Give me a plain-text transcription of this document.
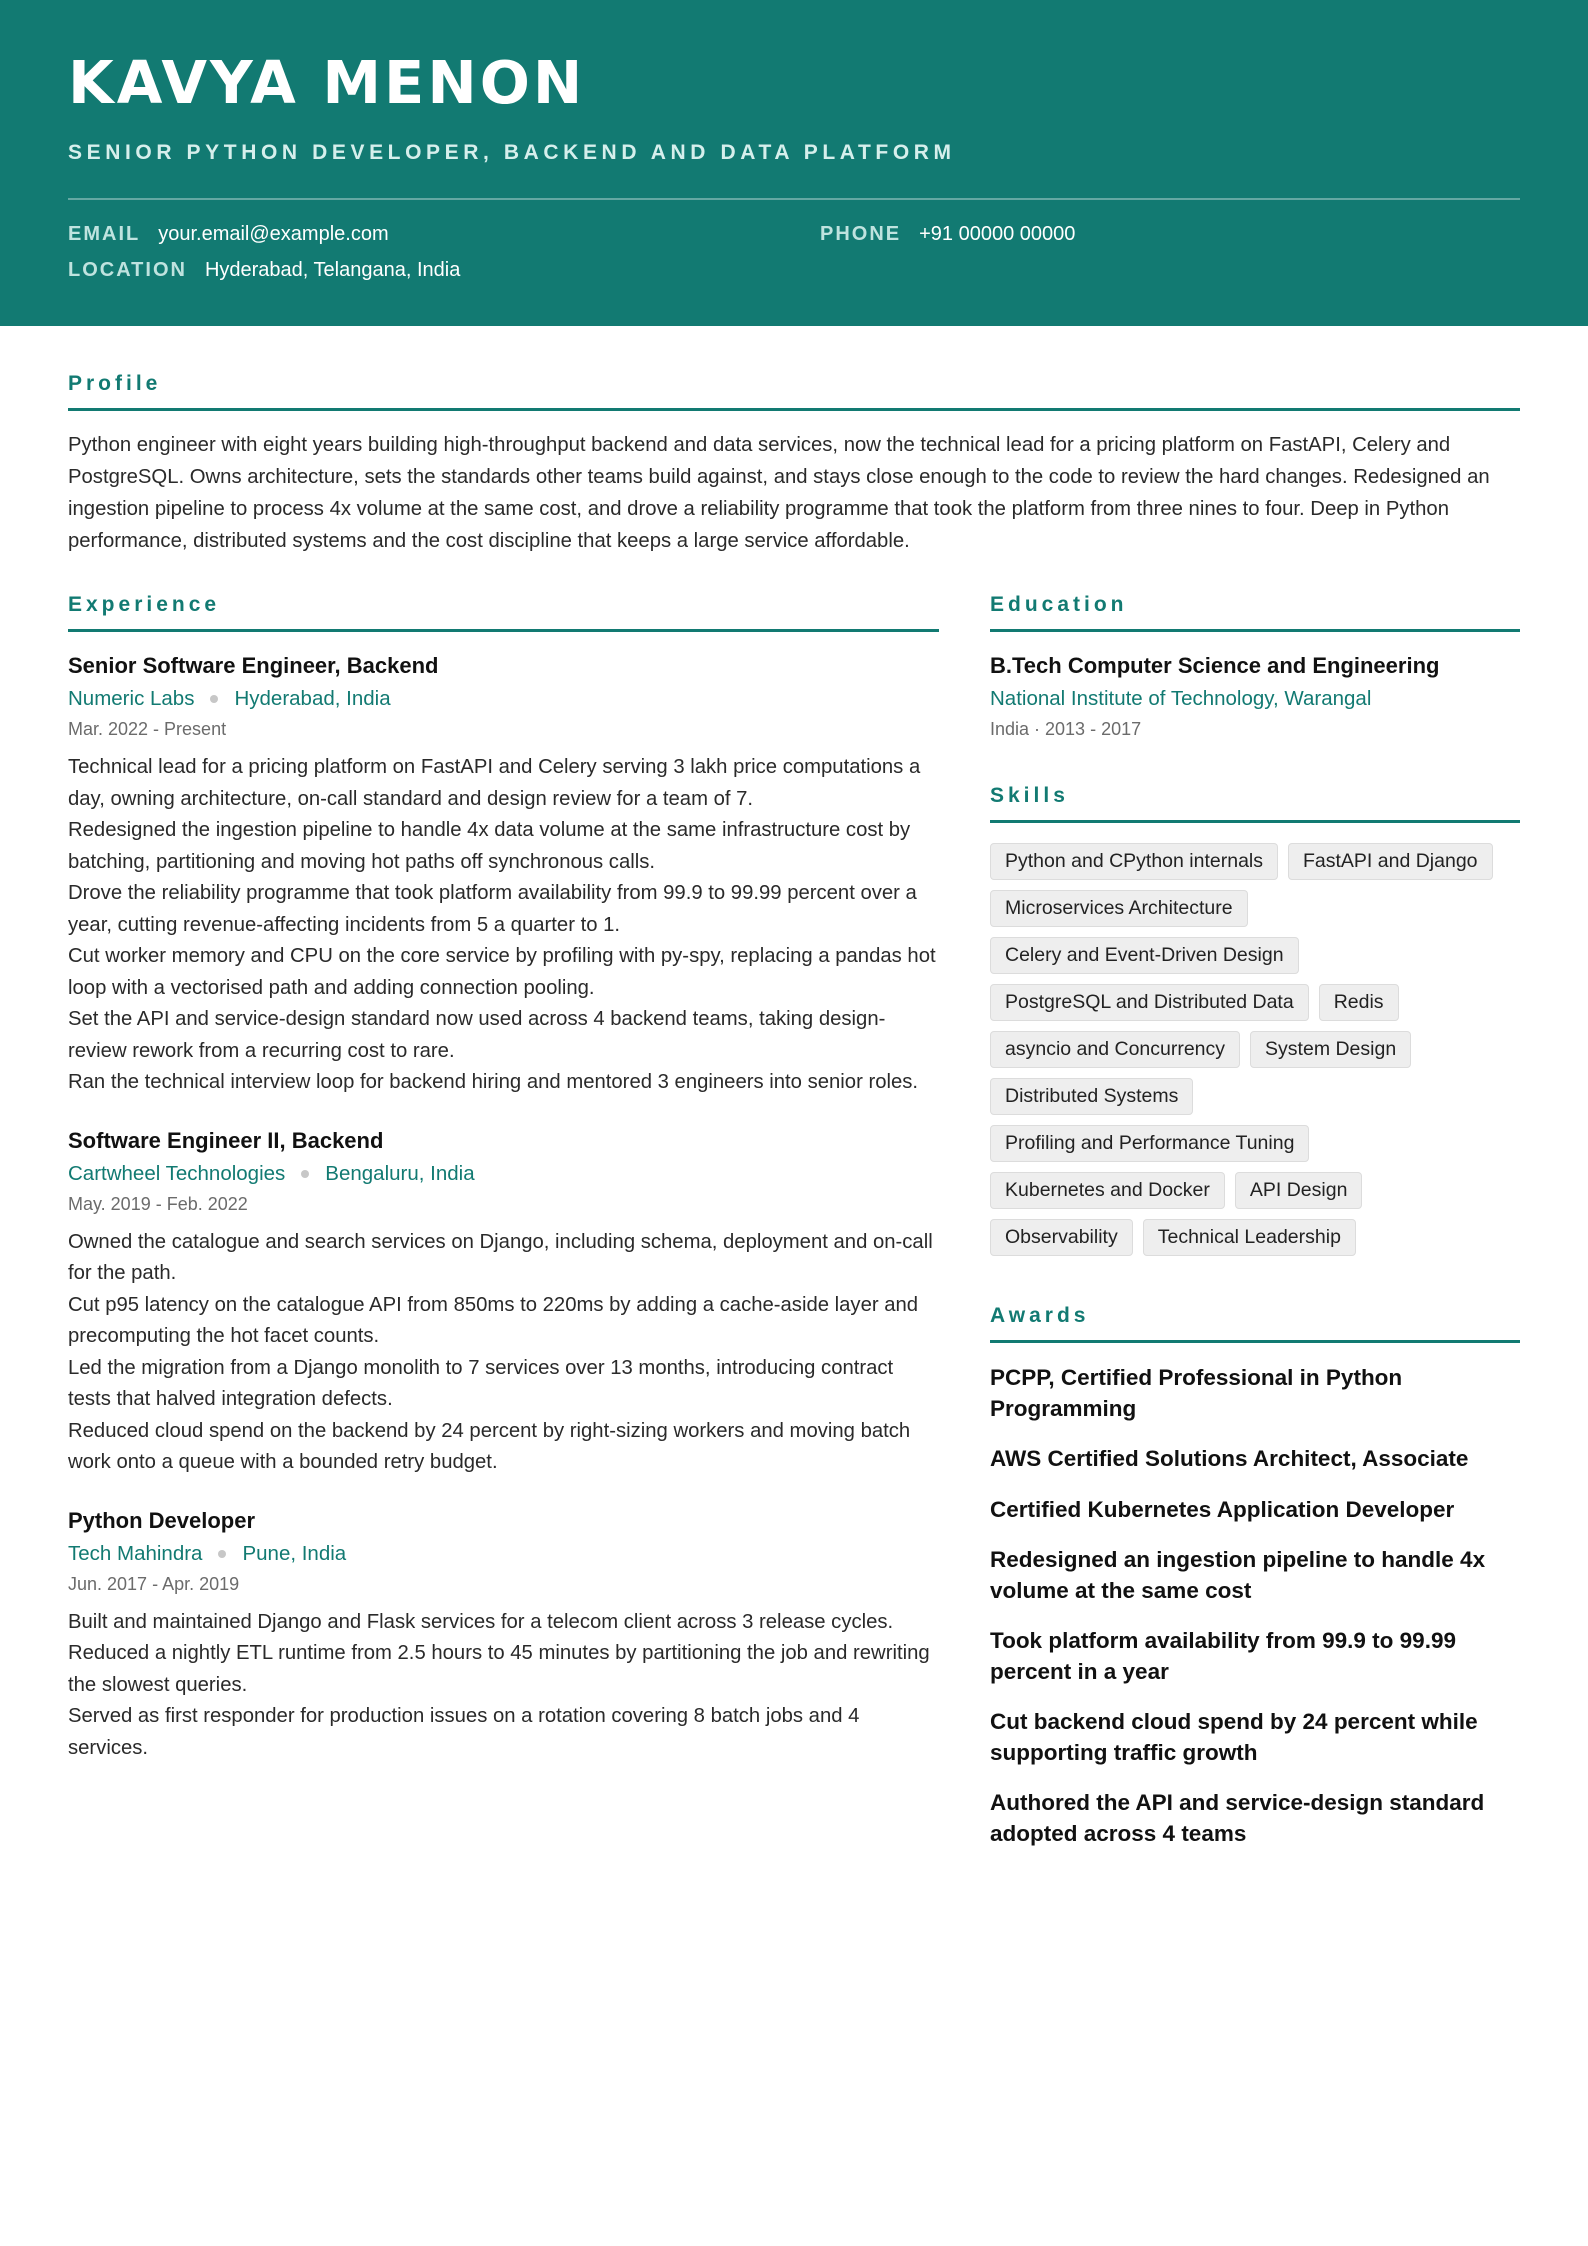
KAVYA MENON
SENIOR PYTHON DEVELOPER, BACKEND AND DATA PLATFORM
EMAIL your.email@example.com	PHONE +91 00000 00000
LOCATION Hyderabad, Telangana, India
Profile

Python engineer with eight years building high-throughput backend and data services, now the technical lead for a pricing platform on FastAPI, Celery and PostgreSQL. Owns architecture, sets the standards other teams build against, and stays close enough to the code to review the hard changes. Redesigned an ingestion pipeline to process 4x volume at the same cost, and drove a reliability programme that took the platform from three nines to four. Deep in Python performance, distributed systems and the cost discipline that keeps a large service affordable.

Experience
Senior Software Engineer, Backend
Numeric Labs Hyderabad, India
Mar. 2022 - Present
Technical lead for a pricing platform on FastAPI and Celery serving 3 lakh price computations a day, owning architecture, on-call standard and design review for a team of 7.
Redesigned the ingestion pipeline to handle 4x data volume at the same infrastructure cost by batching, partitioning and moving hot paths off synchronous calls.
Drove the reliability programme that took platform availability from 99.9 to 99.99 percent over a year, cutting revenue-affecting incidents from 5 a quarter to 1.
Cut worker memory and CPU on the core service by profiling with py-spy, replacing a pandas hot loop with a vectorised path and adding connection pooling.
Set the API and service-design standard now used across 4 backend teams, taking design-review rework from a recurring cost to rare.
Ran the technical interview loop for backend hiring and mentored 3 engineers into senior roles.
Software Engineer II, Backend
Cartwheel Technologies Bengaluru, India
May. 2019 - Feb. 2022
Owned the catalogue and search services on Django, including schema, deployment and on-call for the path.
Cut p95 latency on the catalogue API from 850ms to 220ms by adding a cache-aside layer and precomputing the hot facet counts.
Led the migration from a Django monolith to 7 services over 13 months, introducing contract tests that halved integration defects.
Reduced cloud spend on the backend by 24 percent by right-sizing workers and moving batch work onto a queue with a bounded retry budget.
Python Developer
Tech Mahindra Pune, India
Jun. 2017 - Apr. 2019
Built and maintained Django and Flask services for a telecom client across 3 release cycles.
Reduced a nightly ETL runtime from 2.5 hours to 45 minutes by partitioning the job and rewriting the slowest queries.
Served as first responder for production issues on a rotation covering 8 batch jobs and 4 services.
Education
B.Tech Computer Science and Engineering
National Institute of Technology, Warangal
India · 2013 - 2017
Skills
Python and CPython internals	FastAPI and Django
Microservices Architecture
Celery and Event-Driven Design
PostgreSQL and Distributed Data	Redis
asyncio and Concurrency	System Design
Distributed Systems
Profiling and Performance Tuning
Kubernetes and Docker	API Design
Observability	Technical Leadership
Awards
PCPP, Certified Professional in Python Programming
AWS Certified Solutions Architect, Associate
Certified Kubernetes Application Developer
Redesigned an ingestion pipeline to handle 4x volume at the same cost
Took platform availability from 99.9 to 99.99 percent in a year
Cut backend cloud spend by 24 percent while supporting traffic growth
Authored the API and service-design standard adopted across 4 teams
